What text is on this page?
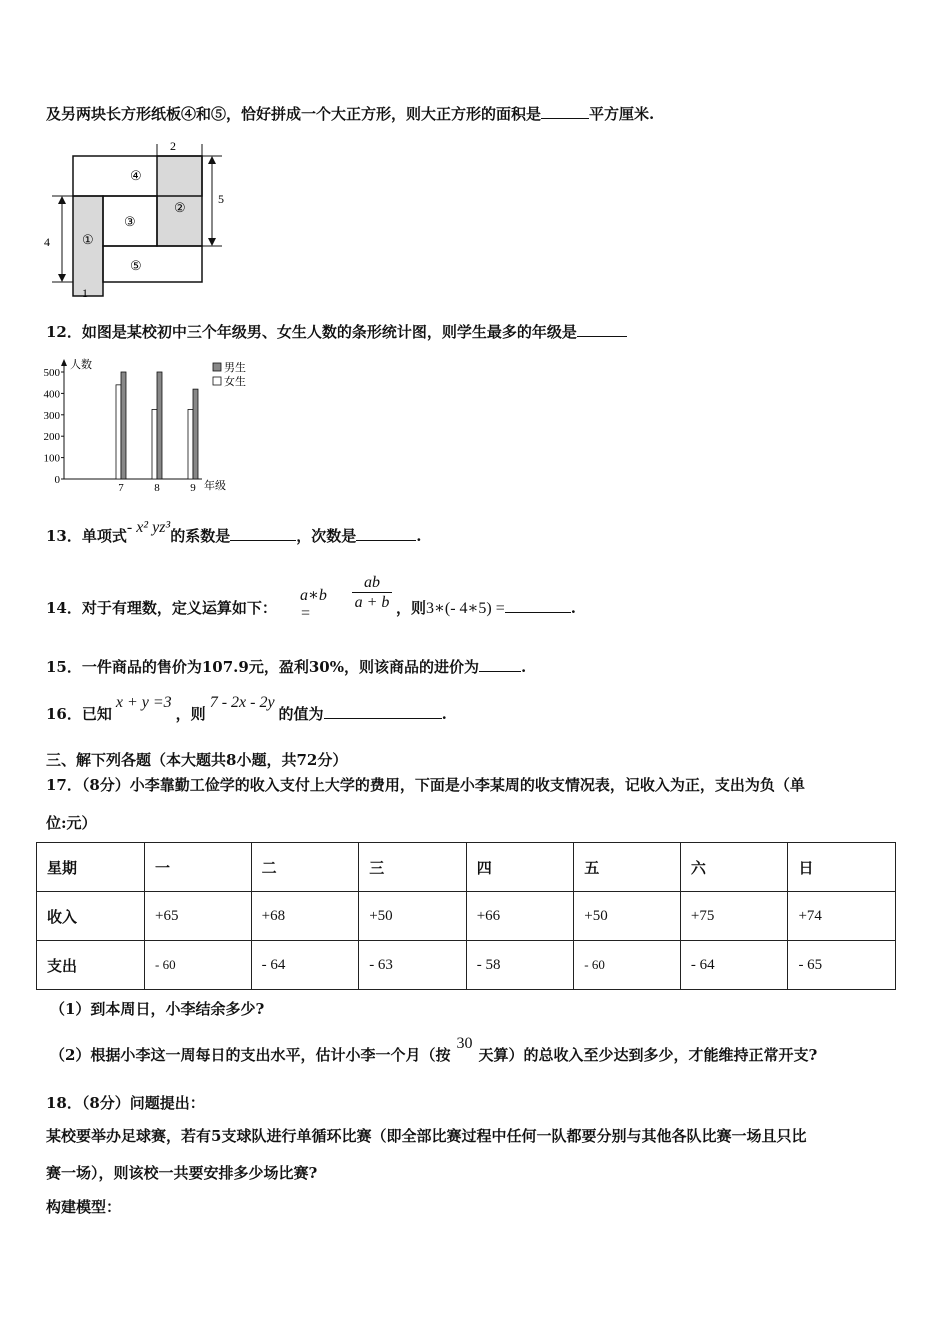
及另两块长方形纸板④和⑤，恰好拼成一个大正方形，则大正方形的面积是	平方厘米.
④
②
③
①
⑤
2
5
4
1
12．如图是某校初中三个年级男、女生人数的条形统计图，则学生最多的年级是
人数
年级
男生
女生
0
100
200
300
400
500
7	8	9
13．单项式- x² yz³的系数是	，次数是	.
14．对于有理数，定义运算如下：
a∗b =
$\frac{ab}{a + b}$ ，则3∗(- 4∗5) =	.
15．一件商品的售价为107.9元，盈利30%，则该商品的进价为	.
16．已知x + y =3，则7 - 2x - 2y的值为	.
三、解下列各题（本大题共8小题，共72分）
17．（8分）小李靠勤工俭学的收入支付上大学的费用，下面是小李某周的收支情况表，记收入为正，支出为负（单
位:元）
星期	一	二	三	四	五	六	日
收入	+65	+68	+50	+66	+50	+75	+74
支出	- 60	- 64	- 63	- 58	- 60	- 64	- 65
（1）到本周日，小李结余多少?
（2）根据小李这一周每日的支出水平，估计小李一个月（按30天算）的总收入至少达到多少，才能维持正常开支?
18．（8分）问题提出：
某校要举办足球赛，若有5支球队进行单循环比赛（即全部比赛过程中任何一队都要分别与其他各队比赛一场且只比
赛一场），则该校一共要安排多少场比赛?
构建模型：
